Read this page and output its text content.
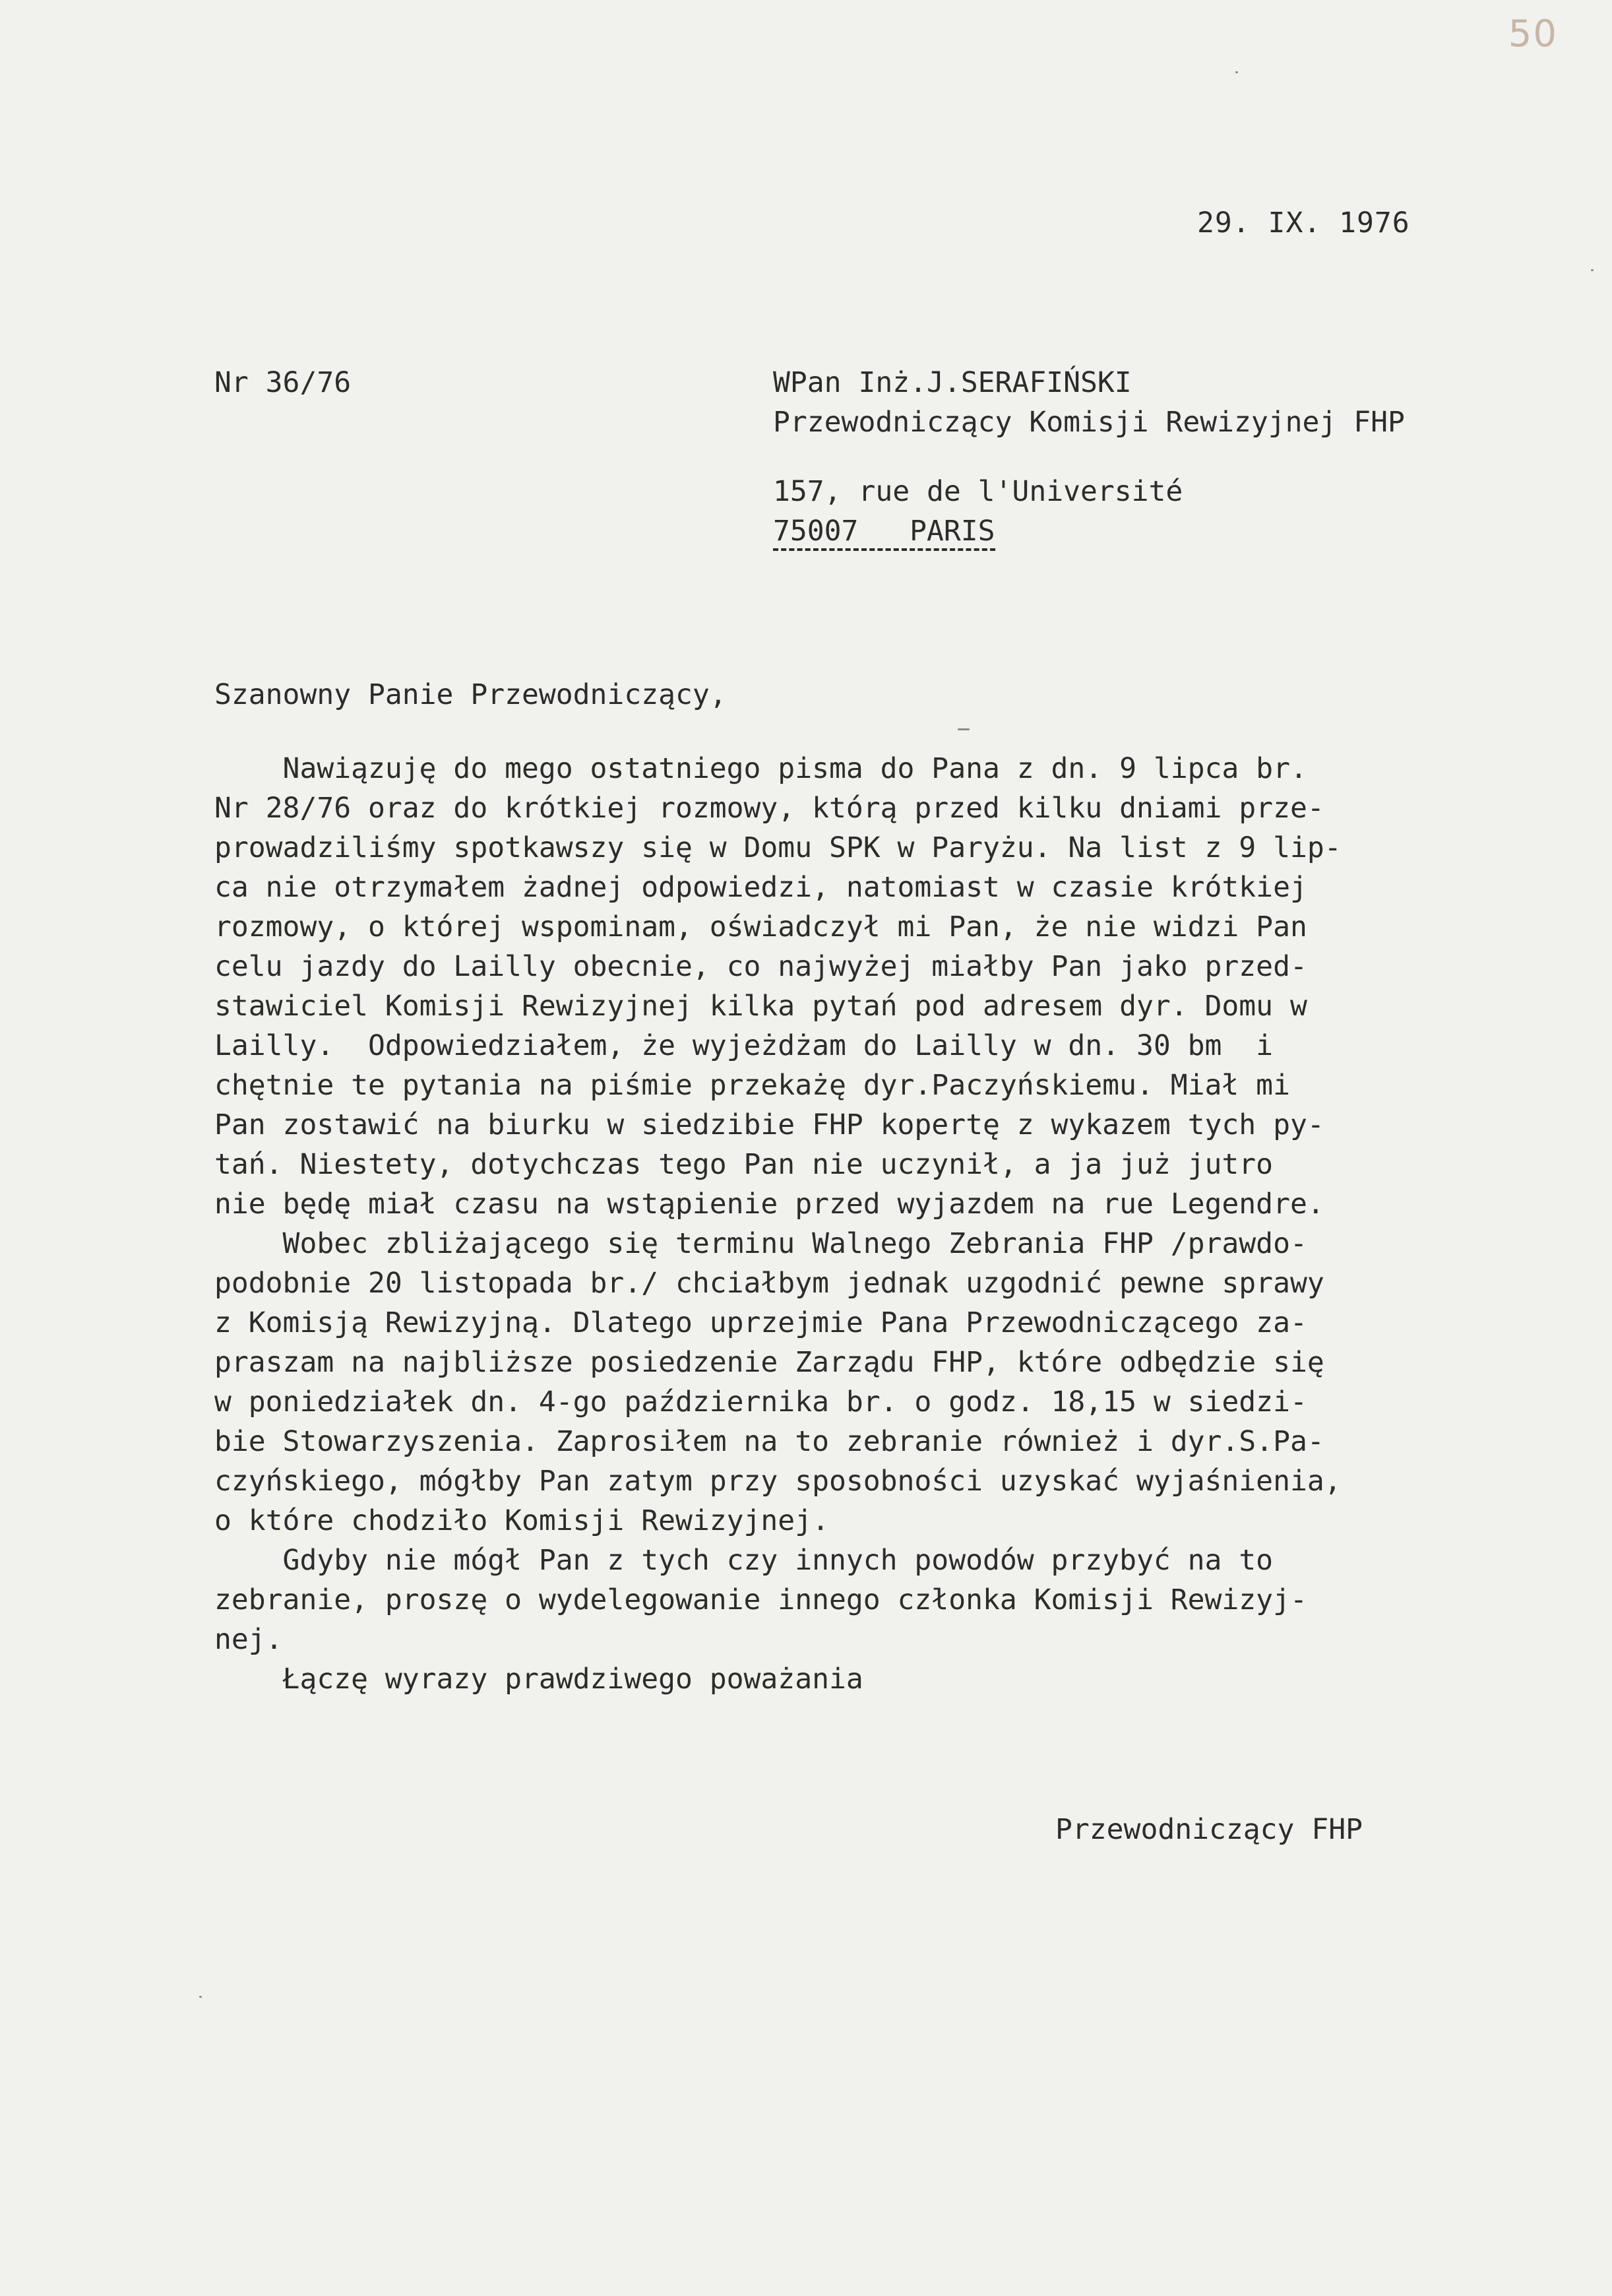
50
29. IX. 1976
Nr 36/76	WPan Inż.J.SERAFIŃSKI
Przewodniczący Komisji Rewizyjnej FHP
157, rue de l'Université
75007   PARIS
Szanowny Panie Przewodniczący,
Nawiązuję do mego ostatniego pisma do Pana z dn. 9 lipca br.
Nr 28/76 oraz do krótkiej rozmowy, którą przed kilku dniami prze-
prowadziliśmy spotkawszy się w Domu SPK w Paryżu. Na list z 9 lip-
ca nie otrzymałem żadnej odpowiedzi, natomiast w czasie krótkiej
rozmowy, o której wspominam, oświadczył mi Pan, że nie widzi Pan
celu jazdy do Lailly obecnie, co najwyżej miałby Pan jako przed-
stawiciel Komisji Rewizyjnej kilka pytań pod adresem dyr. Domu w
Lailly.  Odpowiedziałem, że wyjeżdżam do Lailly w dn. 30 bm  i
chętnie te pytania na piśmie przekażę dyr.Paczyńskiemu. Miał mi
Pan zostawić na biurku w siedzibie FHP kopertę z wykazem tych py-
tań. Niestety, dotychczas tego Pan nie uczynił, a ja już jutro
nie będę miał czasu na wstąpienie przed wyjazdem na rue Legendre.
Wobec zbliżającego się terminu Walnego Zebrania FHP /prawdo-
podobnie 20 listopada br./ chciałbym jednak uzgodnić pewne sprawy
z Komisją Rewizyjną. Dlatego uprzejmie Pana Przewodniczącego za-
praszam na najbliższe posiedzenie Zarządu FHP, które odbędzie się
w poniedziałek dn. 4-go października br. o godz. 18,15 w siedzi-
bie Stowarzyszenia. Zaprosiłem na to zebranie również i dyr.S.Pa-
czyńskiego, mógłby Pan zatym przy sposobności uzyskać wyjaśnienia,
o które chodziło Komisji Rewizyjnej.
Gdyby nie mógł Pan z tych czy innych powodów przybyć na to
zebranie, proszę o wydelegowanie innego członka Komisji Rewizyj-
nej.
Łączę wyrazy prawdziwego poważania
Przewodniczący FHP
